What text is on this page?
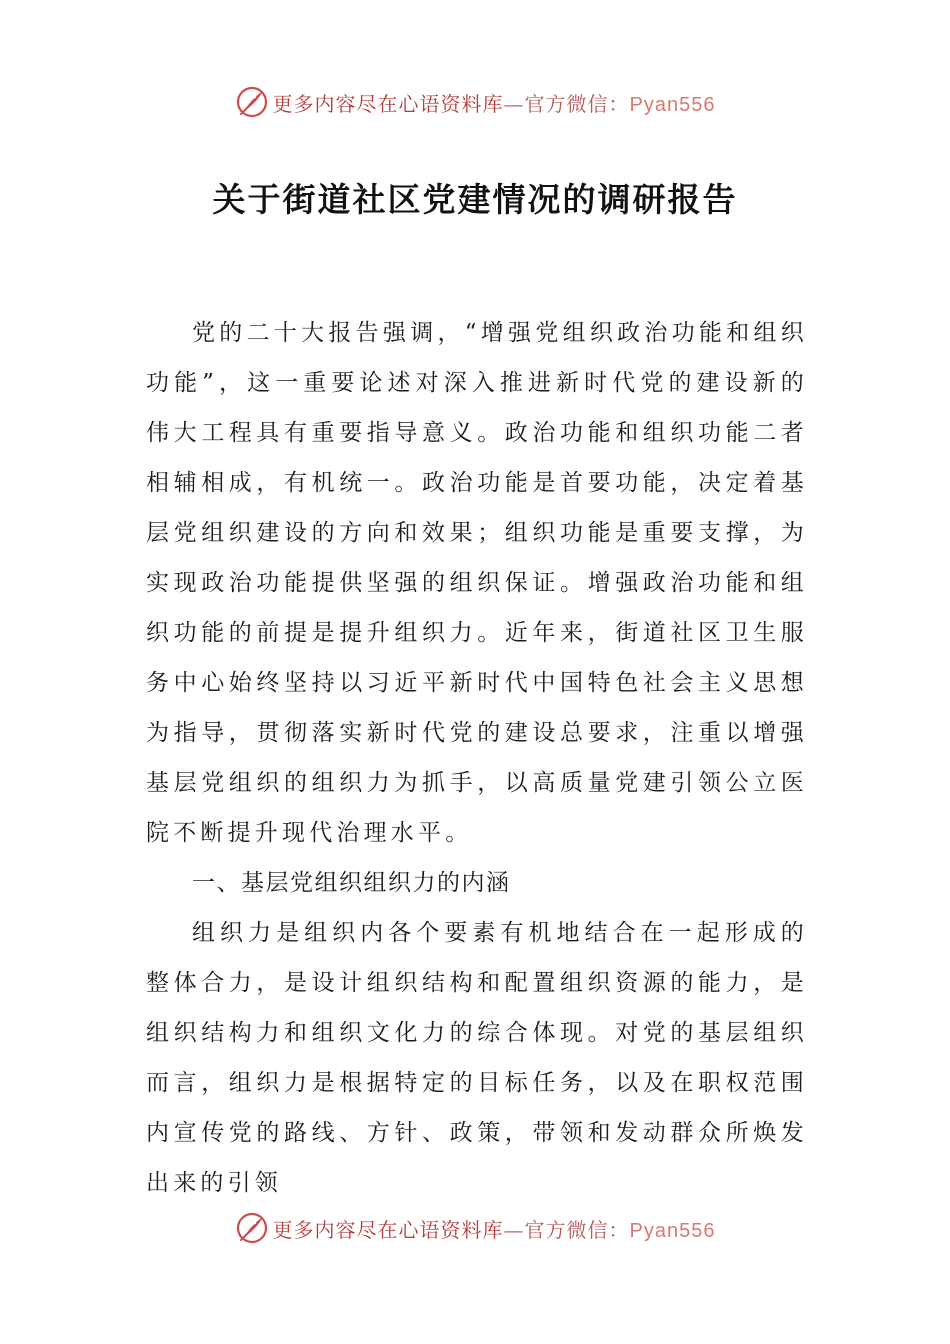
更多内容尽在心语资料库—官方微信：Pyan556
关于街道社区党建情况的调研报告

党的二十大报告强调，“增强党组织政治功能和组织功能”，这一重要论述对深入推进新时代党的建设新的伟大工程具有重要指导意义。政治功能和组织功能二者相辅相成，有机统一。政治功能是首要功能，决定着基层党组织建设的方向和效果；组织功能是重要支撑，为实现政治功能提供坚强的组织保证。增强政治功能和组织功能的前提是提升组织力。近年来，街道社区卫生服务中心始终坚持以习近平新时代中国特色社会主义思想为指导，贯彻落实新时代党的建设总要求，注重以增强基层党组织的组织力为抓手，以高质量党建引领公立医院不断提升现代治理水平。

一、基层党组织组织力的内涵

组织力是组织内各个要素有机地结合在一起形成的整体合力，是设计组织结构和配置组织资源的能力，是组织结构力和组织文化力的综合体现。对党的基层组织而言，组织力是根据特定的目标任务，以及在职权范围内宣传党的路线、方针、政策，带领和发动群众所焕发出来的引领

更多内容尽在心语资料库—官方微信：Pyan556
